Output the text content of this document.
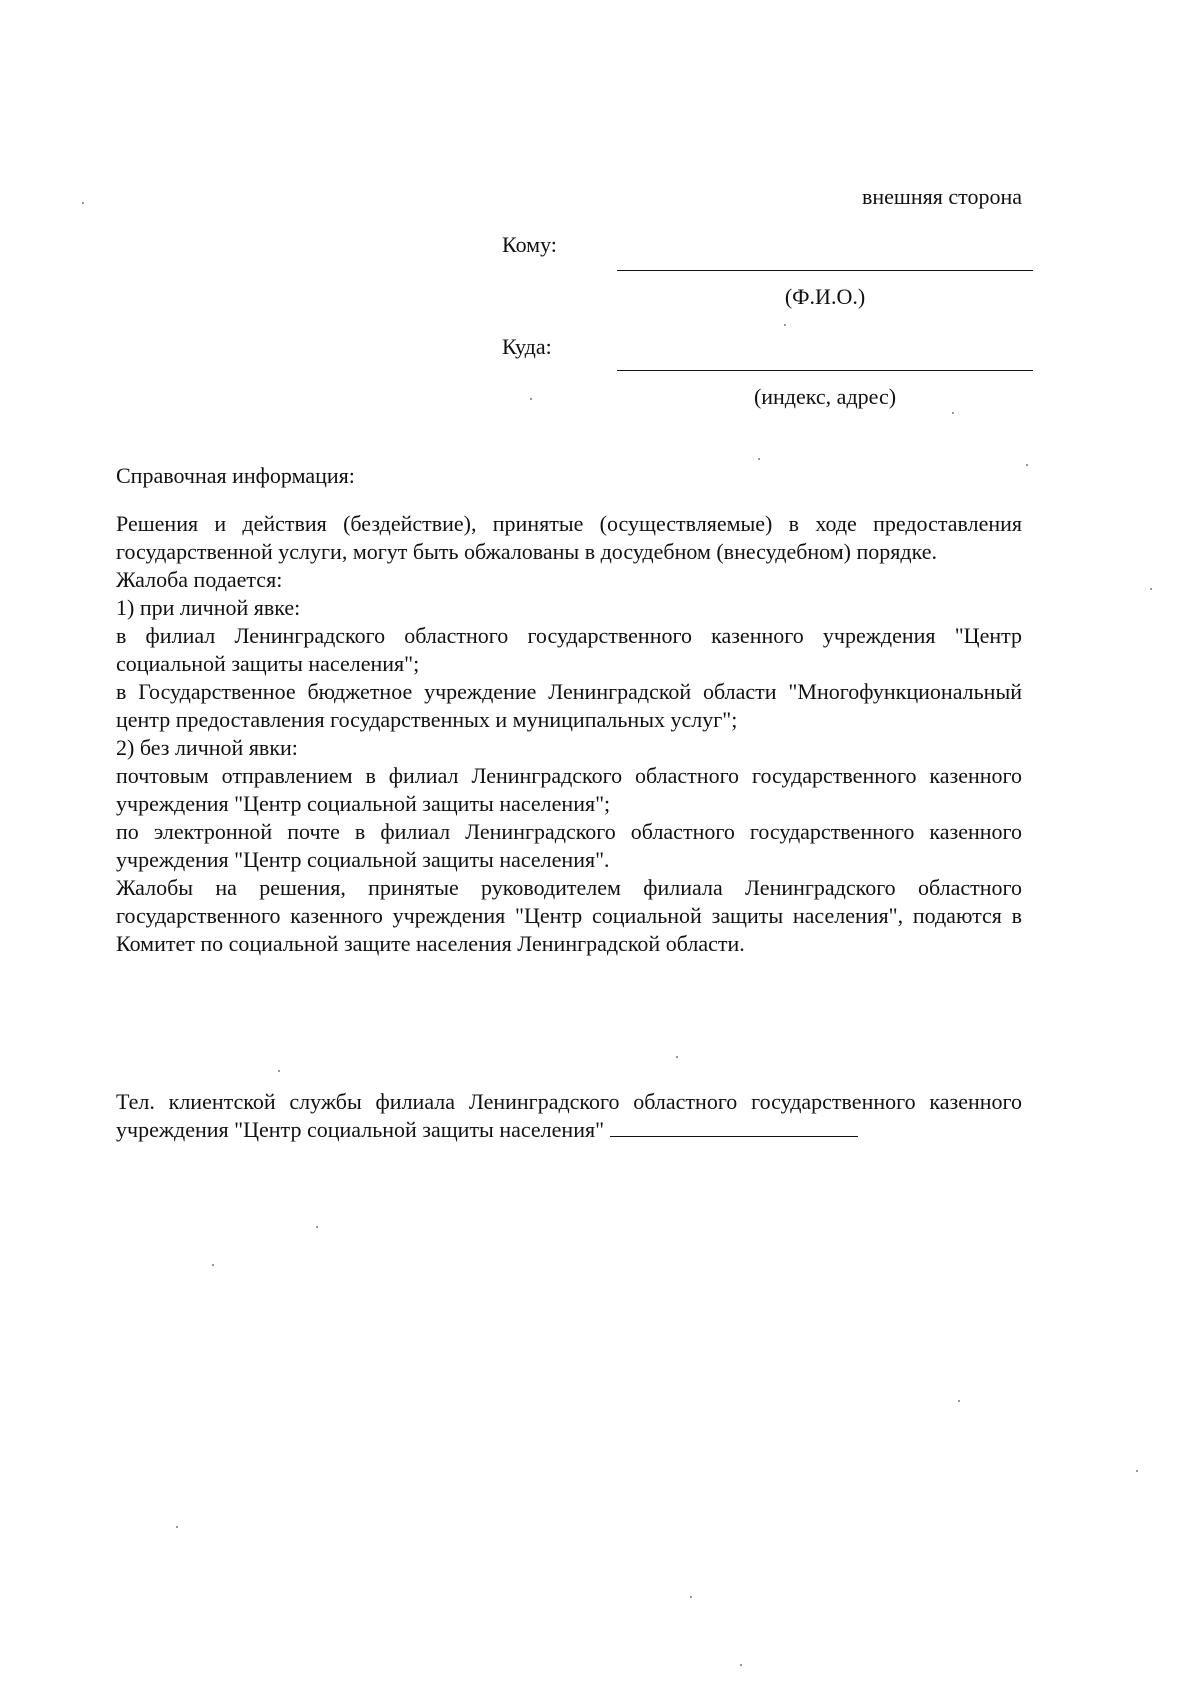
внешняя сторона
Кому:
(Ф.И.О.)
Куда:
(индекс, адрес)
Справочная информация:

Решения и действия (бездействие), принятые (осуществляемые) в ходе предоставления государственной услуги, могут быть обжалованы в досудебном (внесудебном) порядке.

Жалоба подается:

1) при личной явке:

в филиал Ленинградского областного государственного казенного учреждения "Центр социальной защиты населения";

в Государственное бюджетное учреждение Ленинградской области "Многофункциональный центр предоставления государственных и муниципальных услуг";

2) без личной явки:

почтовым отправлением в филиал Ленинградского областного государственного казенного учреждения "Центр социальной защиты населения";

по электронной почте в филиал Ленинградского областного государственного казенного учреждения "Центр социальной защиты населения".

Жалобы на решения, принятые руководителем филиала Ленинградского областного государственного казенного учреждения "Центр социальной защиты населения", подаются в Комитет по социальной защите населения Ленинградской области.

Тел. клиентской службы филиала Ленинградского областного государственного казенного учреждения "Центр социальной защиты населения"
